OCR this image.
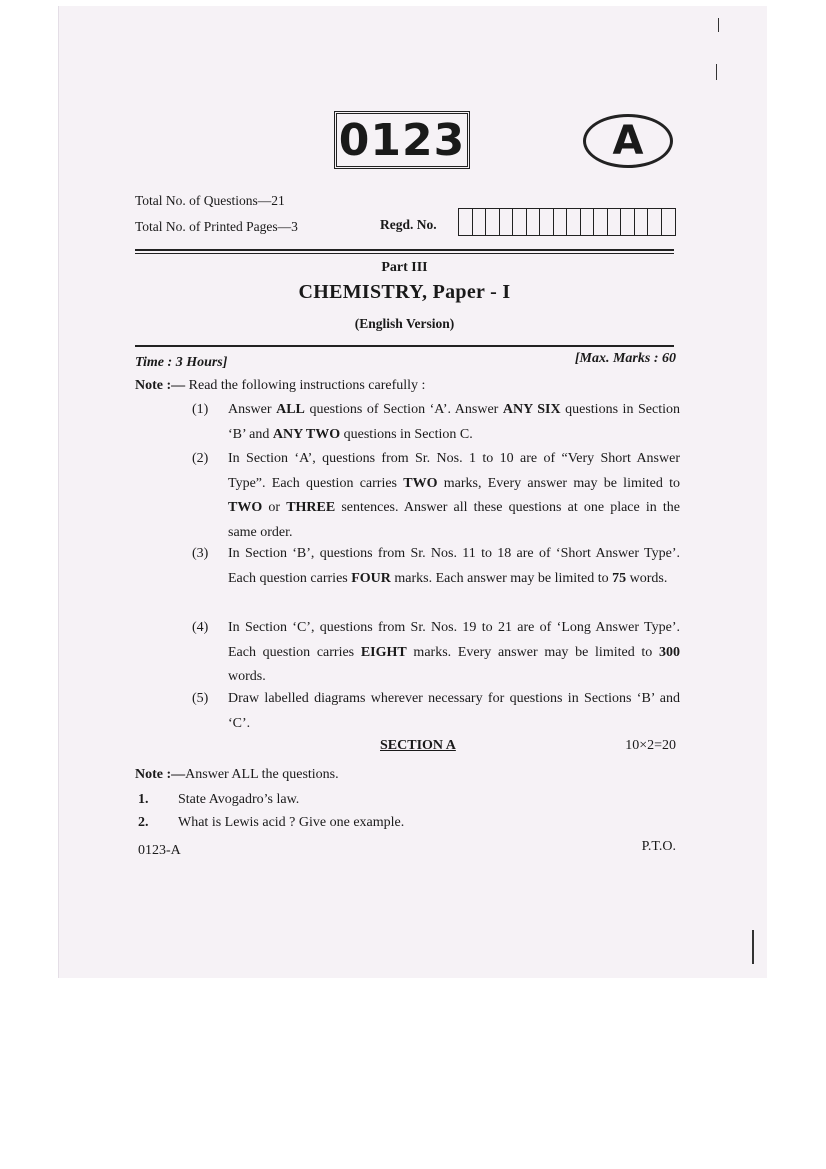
0123	A
Total No. of Questions—21
Total No. of Printed Pages—3	Regd. No.
Part III
CHEMISTRY, Paper - I
(English Version)
Time : 3 Hours]	[Max. Marks : 60
Note :— Read the following instructions carefully :
(1)	Answer ALL questions of Section ‘A’. Answer ANY SIX questions in Section ‘B’ and ANY TWO questions in Section C.
(2)	In Section ‘A’, questions from Sr. Nos. 1 to 10 are of “Very Short Answer Type”. Each question carries TWO marks, Every answer may be limited to TWO or THREE sentences. Answer all these questions at one place in the same order.
(3)	In Section ‘B’, questions from Sr. Nos. 11 to 18 are of ‘Short Answer Type’. Each question carries FOUR marks. Each answer may be limited to 75 words.
(4)	In Section ‘C’, questions from Sr. Nos. 19 to 21 are of ‘Long Answer Type’. Each question carries EIGHT marks. Every answer may be limited to 300 words.
(5)	Draw labelled diagrams wherever necessary for questions in Sections ‘B’ and ‘C’.
SECTION A	10×2=20
Note :—Answer ALL the questions.
1. State Avogadro’s law.
2. What is Lewis acid ? Give one example.
0123-A	P.T.O.
